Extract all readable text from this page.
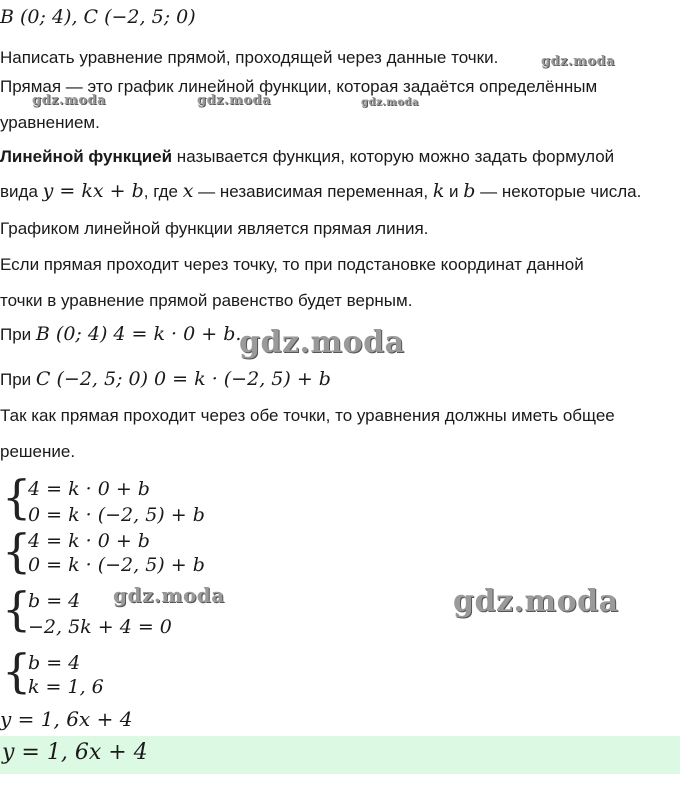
B (0; 4), C (−2, 5; 0)
Написать уравнение прямой, проходящей через данные точки.
Прямая — это график линейной функции, которая задаётся определённым
уравнением.
Линейной функцией называется функция, которую можно задать формулой
вида y = kx + b, где x — независимая переменная, k и b — некоторые числа.
Графиком линейной функции является прямая линия.
Если прямая проходит через точку, то при подстановке координат данной
точки в уравнение прямой равенство будет верным.
При B (0; 4) 4 = k · 0 + b.
При C (−2, 5; 0) 0 = k · (−2, 5) + b
Так как прямая проходит через обе точки, то уравнения должны иметь общее
решение.
{
4 = k · 0 + b
0 = k · (−2, 5) + b
{
4 = k · 0 + b
0 = k · (−2, 5) + b
{
b = 4
−2, 5k + 4 = 0
{
b = 4
k = 1, 6
y = 1, 6x + 4
y = 1, 6x + 4
gdz.moda
gdz.moda	gdz.moda	gdz.moda
gdz.moda
gdz.moda	gdz.moda
